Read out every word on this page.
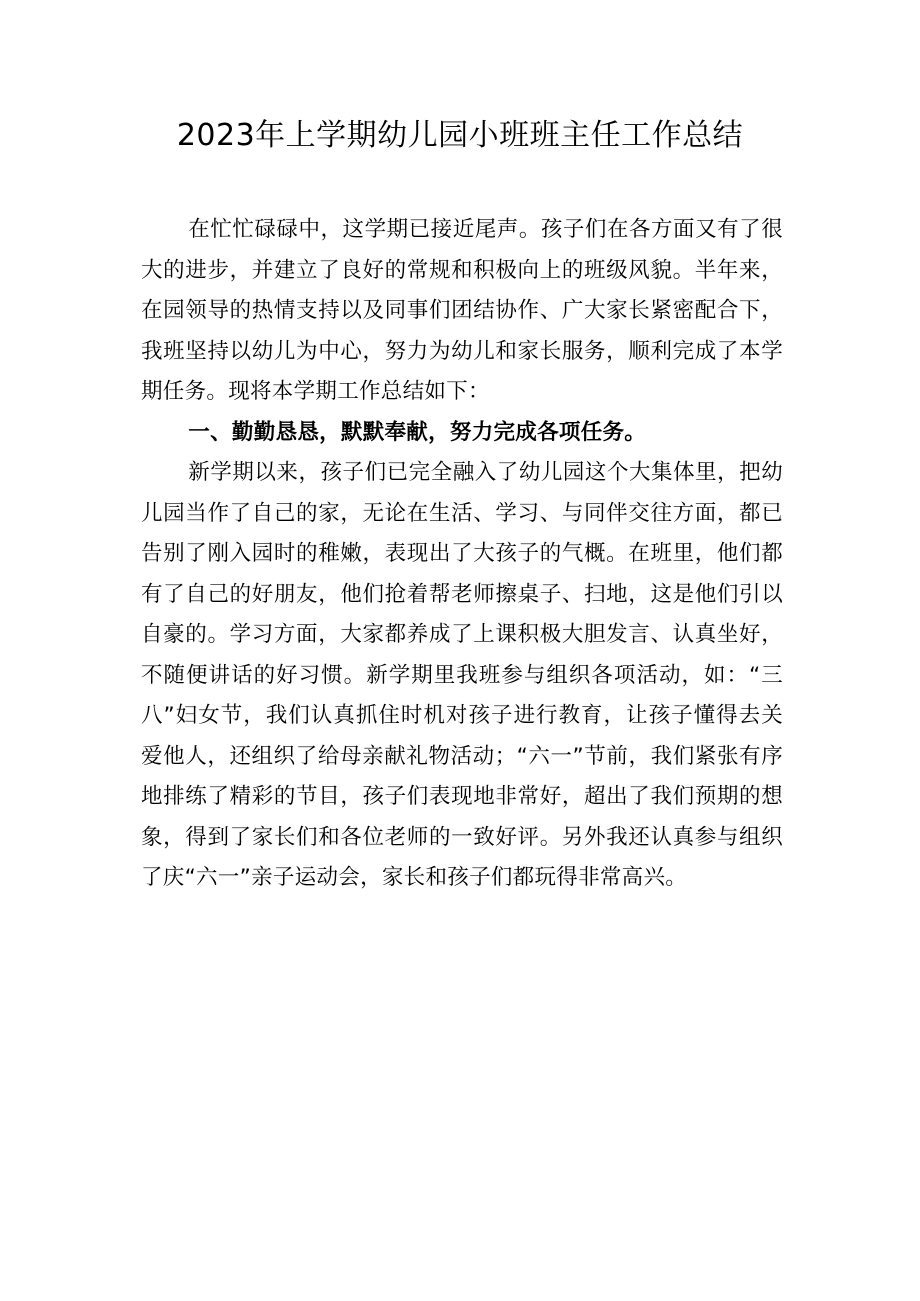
2023年上学期幼儿园小班班主任工作总结

在忙忙碌碌中，这学期已接近尾声。孩子们在各方面又有了很大的进步，并建立了良好的常规和积极向上的班级风貌。半年来，在园领导的热情支持以及同事们团结协作、广大家长紧密配合下，我班坚持以幼儿为中心，努力为幼儿和家长服务，顺利完成了本学期任务。现将本学期工作总结如下：

一、勤勤恳恳，默默奉献，努力完成各项任务。

新学期以来，孩子们已完全融入了幼儿园这个大集体里，把幼儿园当作了自己的家，无论在生活、学习、与同伴交往方面，都已告别了刚入园时的稚嫩，表现出了大孩子的气概。在班里，他们都有了自己的好朋友，他们抢着帮老师擦桌子、扫地，这是他们引以自豪的。学习方面，大家都养成了上课积极大胆发言、认真坐好，不随便讲话的好习惯。新学期里我班参与组织各项活动，如：“三八”妇女节，我们认真抓住时机对孩子进行教育，让孩子懂得去关爱他人，还组织了给母亲献礼物活动；“六一”节前，我们紧张有序地排练了精彩的节目，孩子们表现地非常好，超出了我们预期的想象，得到了家长们和各位老师的一致好评。另外我还认真参与组织了庆“六一”亲子运动会，家长和孩子们都玩得非常高兴。
